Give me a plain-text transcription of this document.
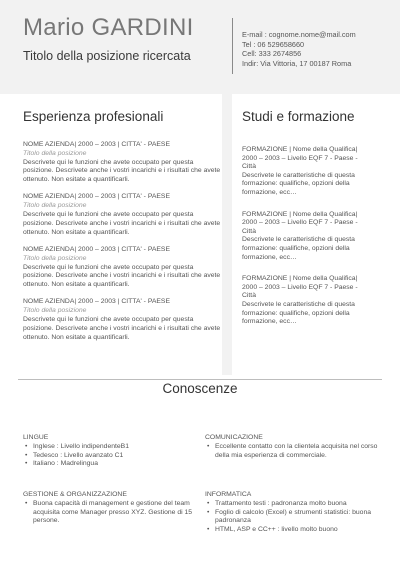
Mario GARDINI
Titolo della posizione ricercata
E-mail : cognome.nome@mail.com
Tel : 06 529658660
Cell: 333 2674856
Indir: Via Vittoria, 17 00187 Roma
Esperienza profesionali	Studi e formazione
NOME AZIENDA| 2000 – 2003 | CITTA' - PAESE
Titolo della posizione
Descrivete qui le funzioni che avete occupato per questa posizione. Descrivete anche i vostri incarichi e i risultati che avete ottenuto. Non esitate a quantificarli.
NOME AZIENDA| 2000 – 2003 | CITTA' - PAESE
Titolo della posizione
Descrivete qui le funzioni che avete occupato per questa posizione. Descrivete anche i vostri incarichi e i risultati che avete ottenuto. Non esitate a quantificarli.
NOME AZIENDA| 2000 – 2003 | CITTA' - PAESE
Titolo della posizione
Descrivete qui le funzioni che avete occupato per questa posizione. Descrivete anche i vostri incarichi e i risultati che avete ottenuto. Non esitate a quantificarli.
NOME AZIENDA| 2000 – 2003 | CITTA' - PAESE
Titolo della posizione
Descrivete qui le funzioni che avete occupato per questa posizione. Descrivete anche i vostri incarichi e i risultati che avete ottenuto. Non esitate a quantificarli.
FORMAZIONE | Nome della Qualifica| 2000 – 2003 – Livello EQF 7 - Paese - Città
Descrivete le caratteristiche di questa formazione: qualifiche, opzioni della formazione, ecc…
FORMAZIONE | Nome della Qualifica| 2000 – 2003 – Livello EQF 7 - Paese - Città
Descrivete le caratteristiche di questa formazione: qualifiche, opzioni della formazione, ecc…
FORMAZIONE | Nome della Qualifica| 2000 – 2003 – Livello EQF 7 - Paese - Città
Descrivete le caratteristiche di questa formazione: qualifiche, opzioni della formazione, ecc…
Conoscenze
LINGUE
• Inglese : Livello indipendenteB1
• Tedesco : Livello avanzato C1
• Italiano : Madrelingua
COMUNICAZIONE
• Eccellente contatto con la clientela acquisita nel corso della mia esperienza di commerciale.
GESTIONE & ORGANIZZAZIONE
• Buona capacità di management e gestione del team acquisita come Manager presso XYZ. Gestione di 15 persone.
INFORMATICA
• Trattamento testi : padronanza molto buona
• Foglio di calcolo (Excel) e strumenti statistici: buona padronanza
• HTML, ASP e CC++ : livello molto buono
